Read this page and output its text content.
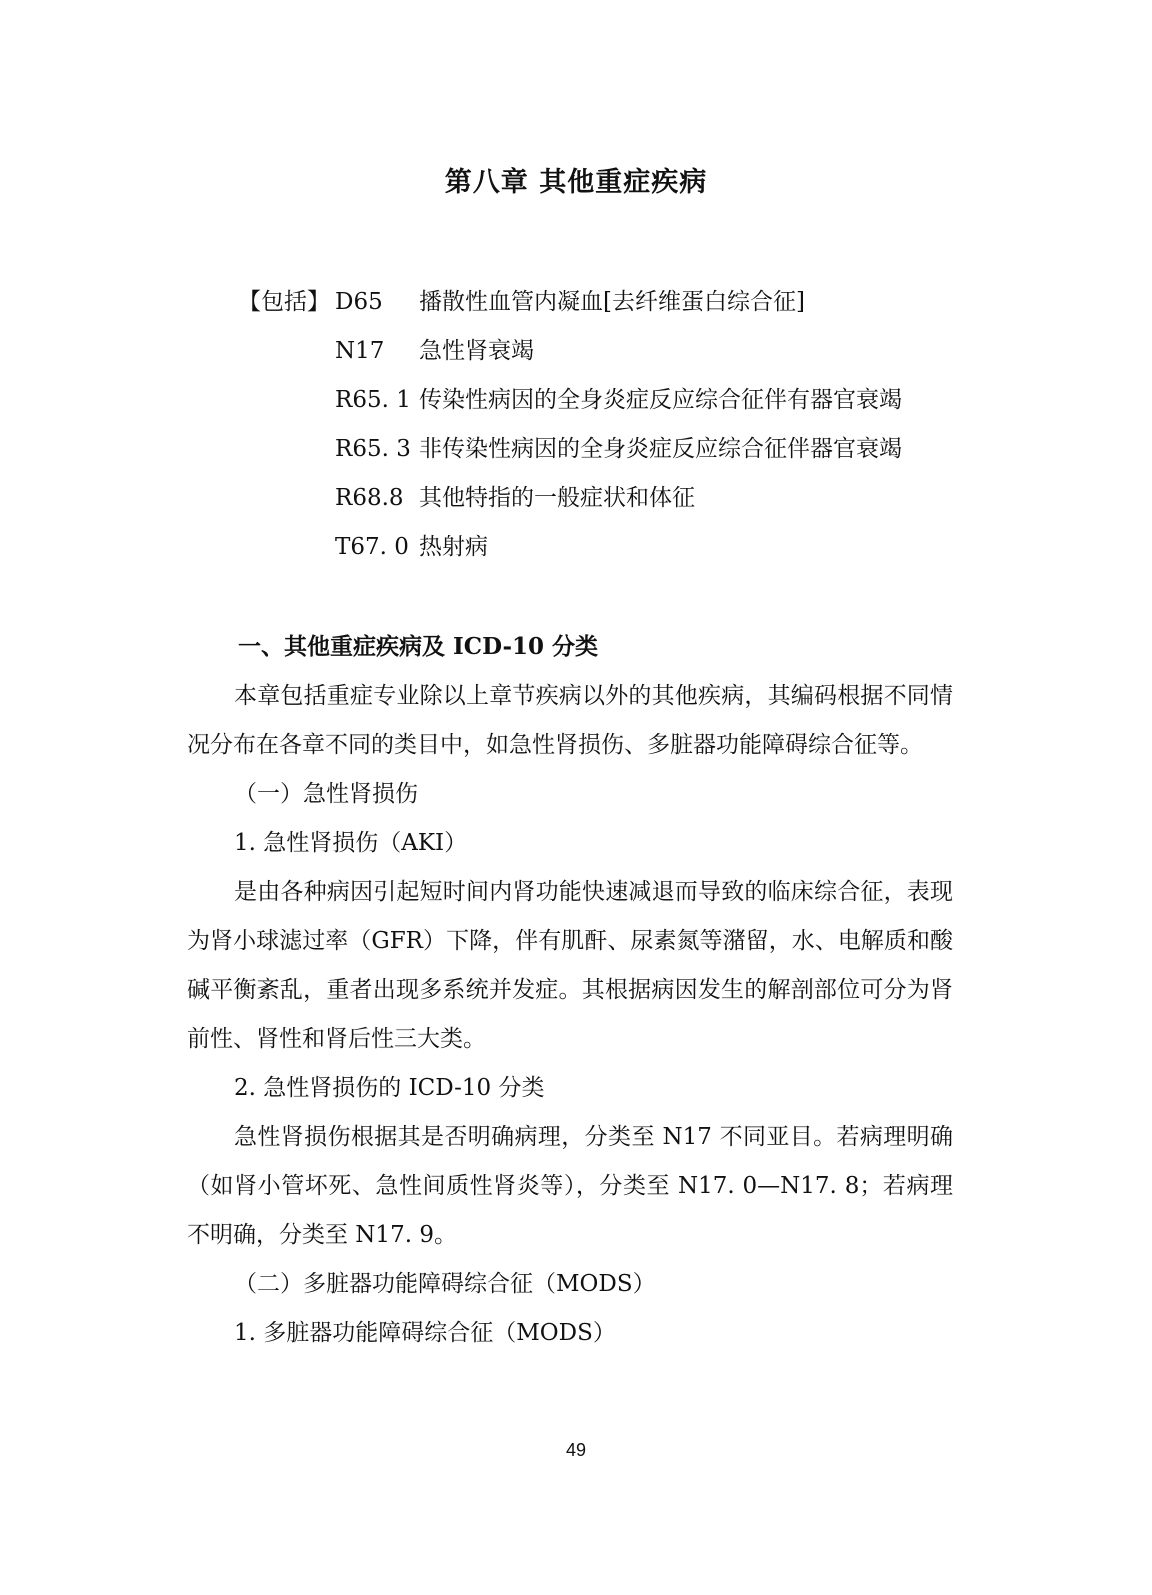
第八章 其他重症疾病
【包括】 D65	播散性血管内凝血[去纤维蛋白综合征]
N17	急性肾衰竭
R65. 1 传染性病因的全身炎症反应综合征伴有器官衰竭
R65. 3 非传染性病因的全身炎症反应综合征伴器官衰竭
R68.8 其他特指的一般症状和体征
T67. 0 热射病
一、其他重症疾病及 ICD-10 分类

本章包括重症专业除以上章节疾病以外的其他疾病，其编码根据不同情况分布在各章不同的类目中，如急性肾损伤、多脏器功能障碍综合征等。

（一）急性肾损伤
1. 急性肾损伤（AKI）

是由各种病因引起短时间内肾功能快速减退而导致的临床综合征，表现为肾小球滤过率（GFR）下降，伴有肌酐、尿素氮等潴留，水、电解质和酸碱平衡紊乱，重者出现多系统并发症。其根据病因发生的解剖部位可分为肾前性、肾性和肾后性三大类。

2. 急性肾损伤的 ICD-10 分类

急性肾损伤根据其是否明确病理，分类至 N17 不同亚目。若病理明确（如肾小管坏死、急性间质性肾炎等），分类至 N17. 0—N17. 8；若病理不明确，分类至 N17. 9。

（二）多脏器功能障碍综合征（MODS）
1. 多脏器功能障碍综合征（MODS）
49
